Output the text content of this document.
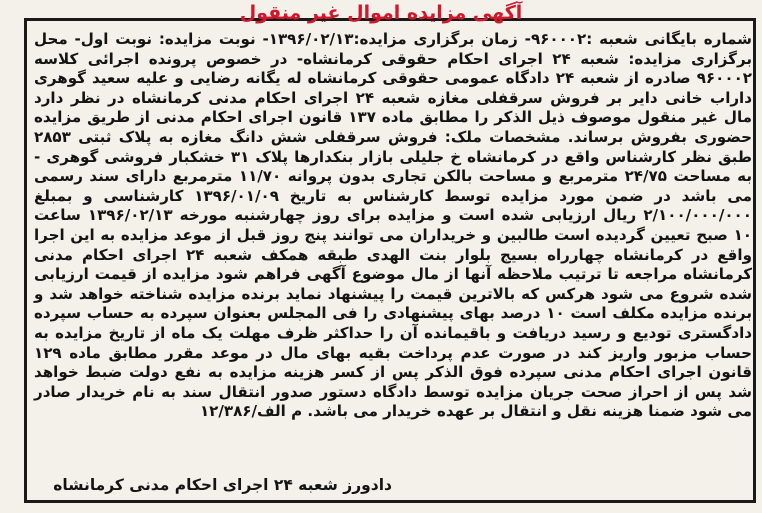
آگهی مزایده اموال غیر منقول

شماره بایگانی شعبه :۹۶۰۰۰۲- زمان برگزاری مزایده:۱۳۹۶/۰۲/۱۳- نوبت مزایده: نوبت اول- محل برگزاری مزایده: شعبه ۲۴ اجرای احکام حقوقی کرمانشاه- در خصوص پرونده اجرائی کلاسه ۹۶۰۰۰۲ صادره از شعبه ۲۴ دادگاه عمومی حقوقی کرمانشاه له یگانه رضایی و علیه سعید گوهری داراب خانی دایر بر فروش سرقفلی مغازه شعبه ۲۴ اجرای احکام مدنی کرمانشاه در نظر دارد مال غیر منقول موصوف ذیل الذکر را مطابق ماده ۱۳۷ قانون اجرای احکام مدنی از طریق مزایده حضوری بفروش برساند. مشخصات ملک: فروش سرقفلی شش دانگ مغازه به پلاک ثبتی ۲۸۵۳ طبق نظر کارشناس واقع در کرمانشاه خ جلیلی بازار بنکدارها پلاک ۳۱ خشکبار فروشی گوهری - به مساحت ۲۴/۷۵ مترمربع و مساحت بالکن تجاری بدون پروانه ۱۱/۷۰ مترمربع دارای سند رسمی می باشد در ضمن مورد مزایده توسط کارشناس به تاریخ ۱۳۹۶/۰۱/۰۹ کارشناسی و بمبلغ ۲/۱۰۰/۰۰۰/۰۰۰ ریال ارزیابی شده است و مزایده برای روز چهارشنبه مورخه ۱۳۹۶/۰۲/۱۳ ساعت ۱۰ صبح تعیین گردیده است طالبین و خریداران می توانند پنج روز قبل از موعد مزایده به این اجرا واقع در کرمانشاه چهارراه بسیج بلوار بنت الهدی طبقه همکف شعبه ۲۴ اجرای احکام مدنی کرمانشاه مراجعه تا ترتیب ملاحظه آنها از مال موضوع آگهی فراهم شود مزایده از قیمت ارزیابی شده شروع می شود هرکس که بالاترین قیمت را پیشنهاد نماید برنده مزایده شناخته خواهد شد و برنده مزایده مکلف است ۱۰ درصد بهای پیشنهادی را فی المجلس بعنوان سپرده به حساب سپرده دادگستری تودیع و رسید دریافت و باقیمانده آن را حداکثر ظرف مهلت یک ماه از تاریخ مزایده به حساب مزبور واریز کند در صورت عدم پرداخت بقیه بهای مال در موعد مقرر مطابق ماده ۱۲۹ قانون اجرای احکام مدنی سپرده فوق الذکر پس از کسر هزینه مزایده به نفع دولت ضبط خواهد شد پس از احراز صحت جریان مزایده توسط دادگاه دستور صدور انتقال سند به نام خریدار صادر می شود ضمنا هزینه نقل و انتقال بر عهده خریدار می باشد. م الف/۱۲/۳۸۶

دادورز شعبه ۲۴ اجرای احکام مدنی کرمانشاه
